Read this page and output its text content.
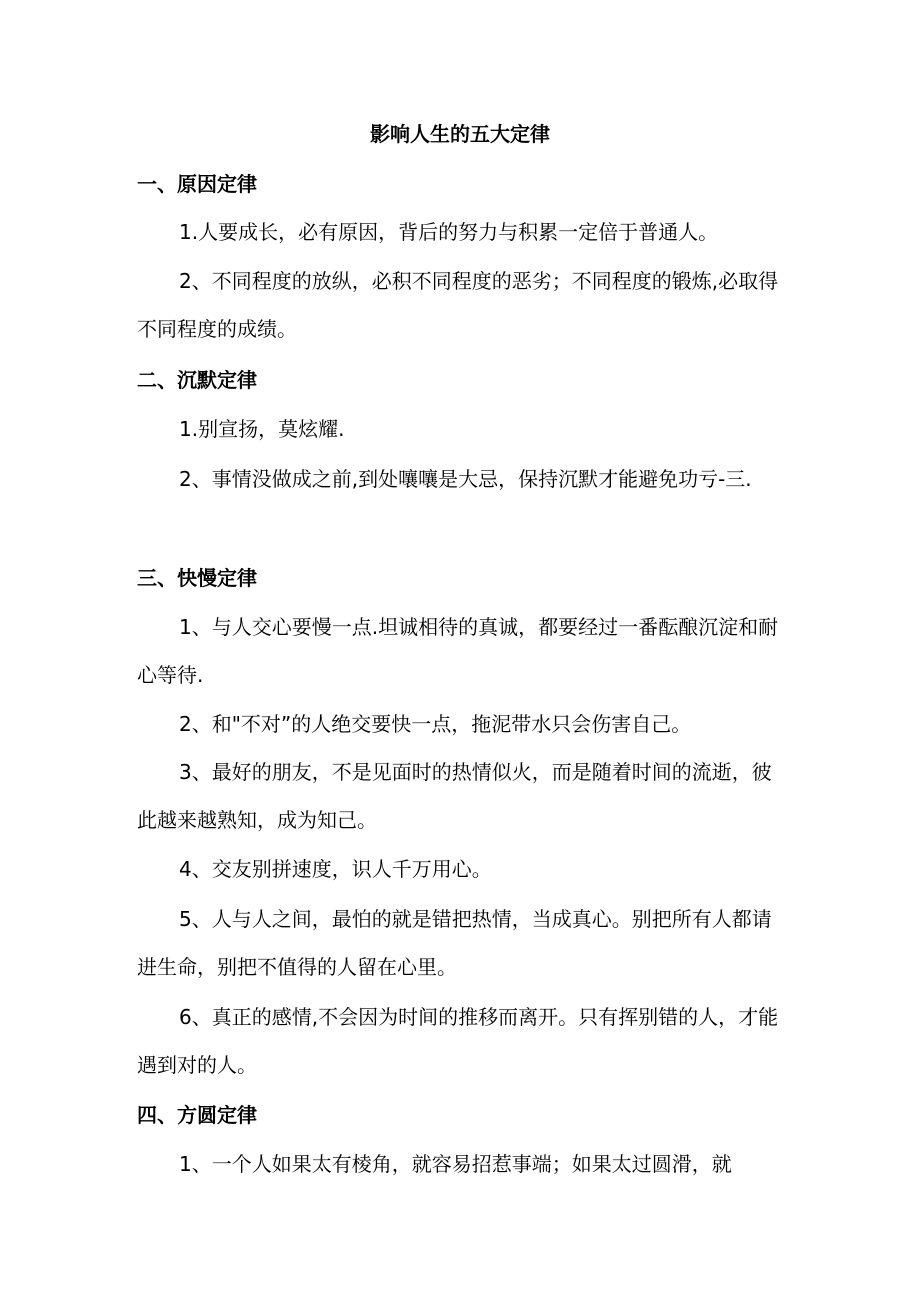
影响人生的五大定律
一、原因定律

1.人要成长，必有原因，背后的努力与积累一定倍于普通人。

2、不同程度的放纵，必积不同程度的恶劣；不同程度的锻炼,必取得不同程度的成绩。

二、沉默定律

1.别宣扬，莫炫耀.

2、事情没做成之前,到处嚷嚷是大忌，保持沉默才能避免功亏-三.

三、快慢定律

1、与人交心要慢一点.坦诚相待的真诚，都要经过一番酝酿沉淀和耐心等待.

2、和"不对”的人绝交要快一点，拖泥带水只会伤害自己。

3、最好的朋友，不是见面时的热情似火，而是随着时间的流逝，彼此越来越熟知，成为知己。

4、交友别拼速度，识人千万用心。

5、人与人之间，最怕的就是错把热情，当成真心。别把所有人都请进生命，别把不值得的人留在心里。

6、真正的感情,不会因为时间的推移而离开。只有挥别错的人，才能遇到对的人。

四、方圆定律

1、一个人如果太有棱角，就容易招惹事端；如果太过圆滑，就
